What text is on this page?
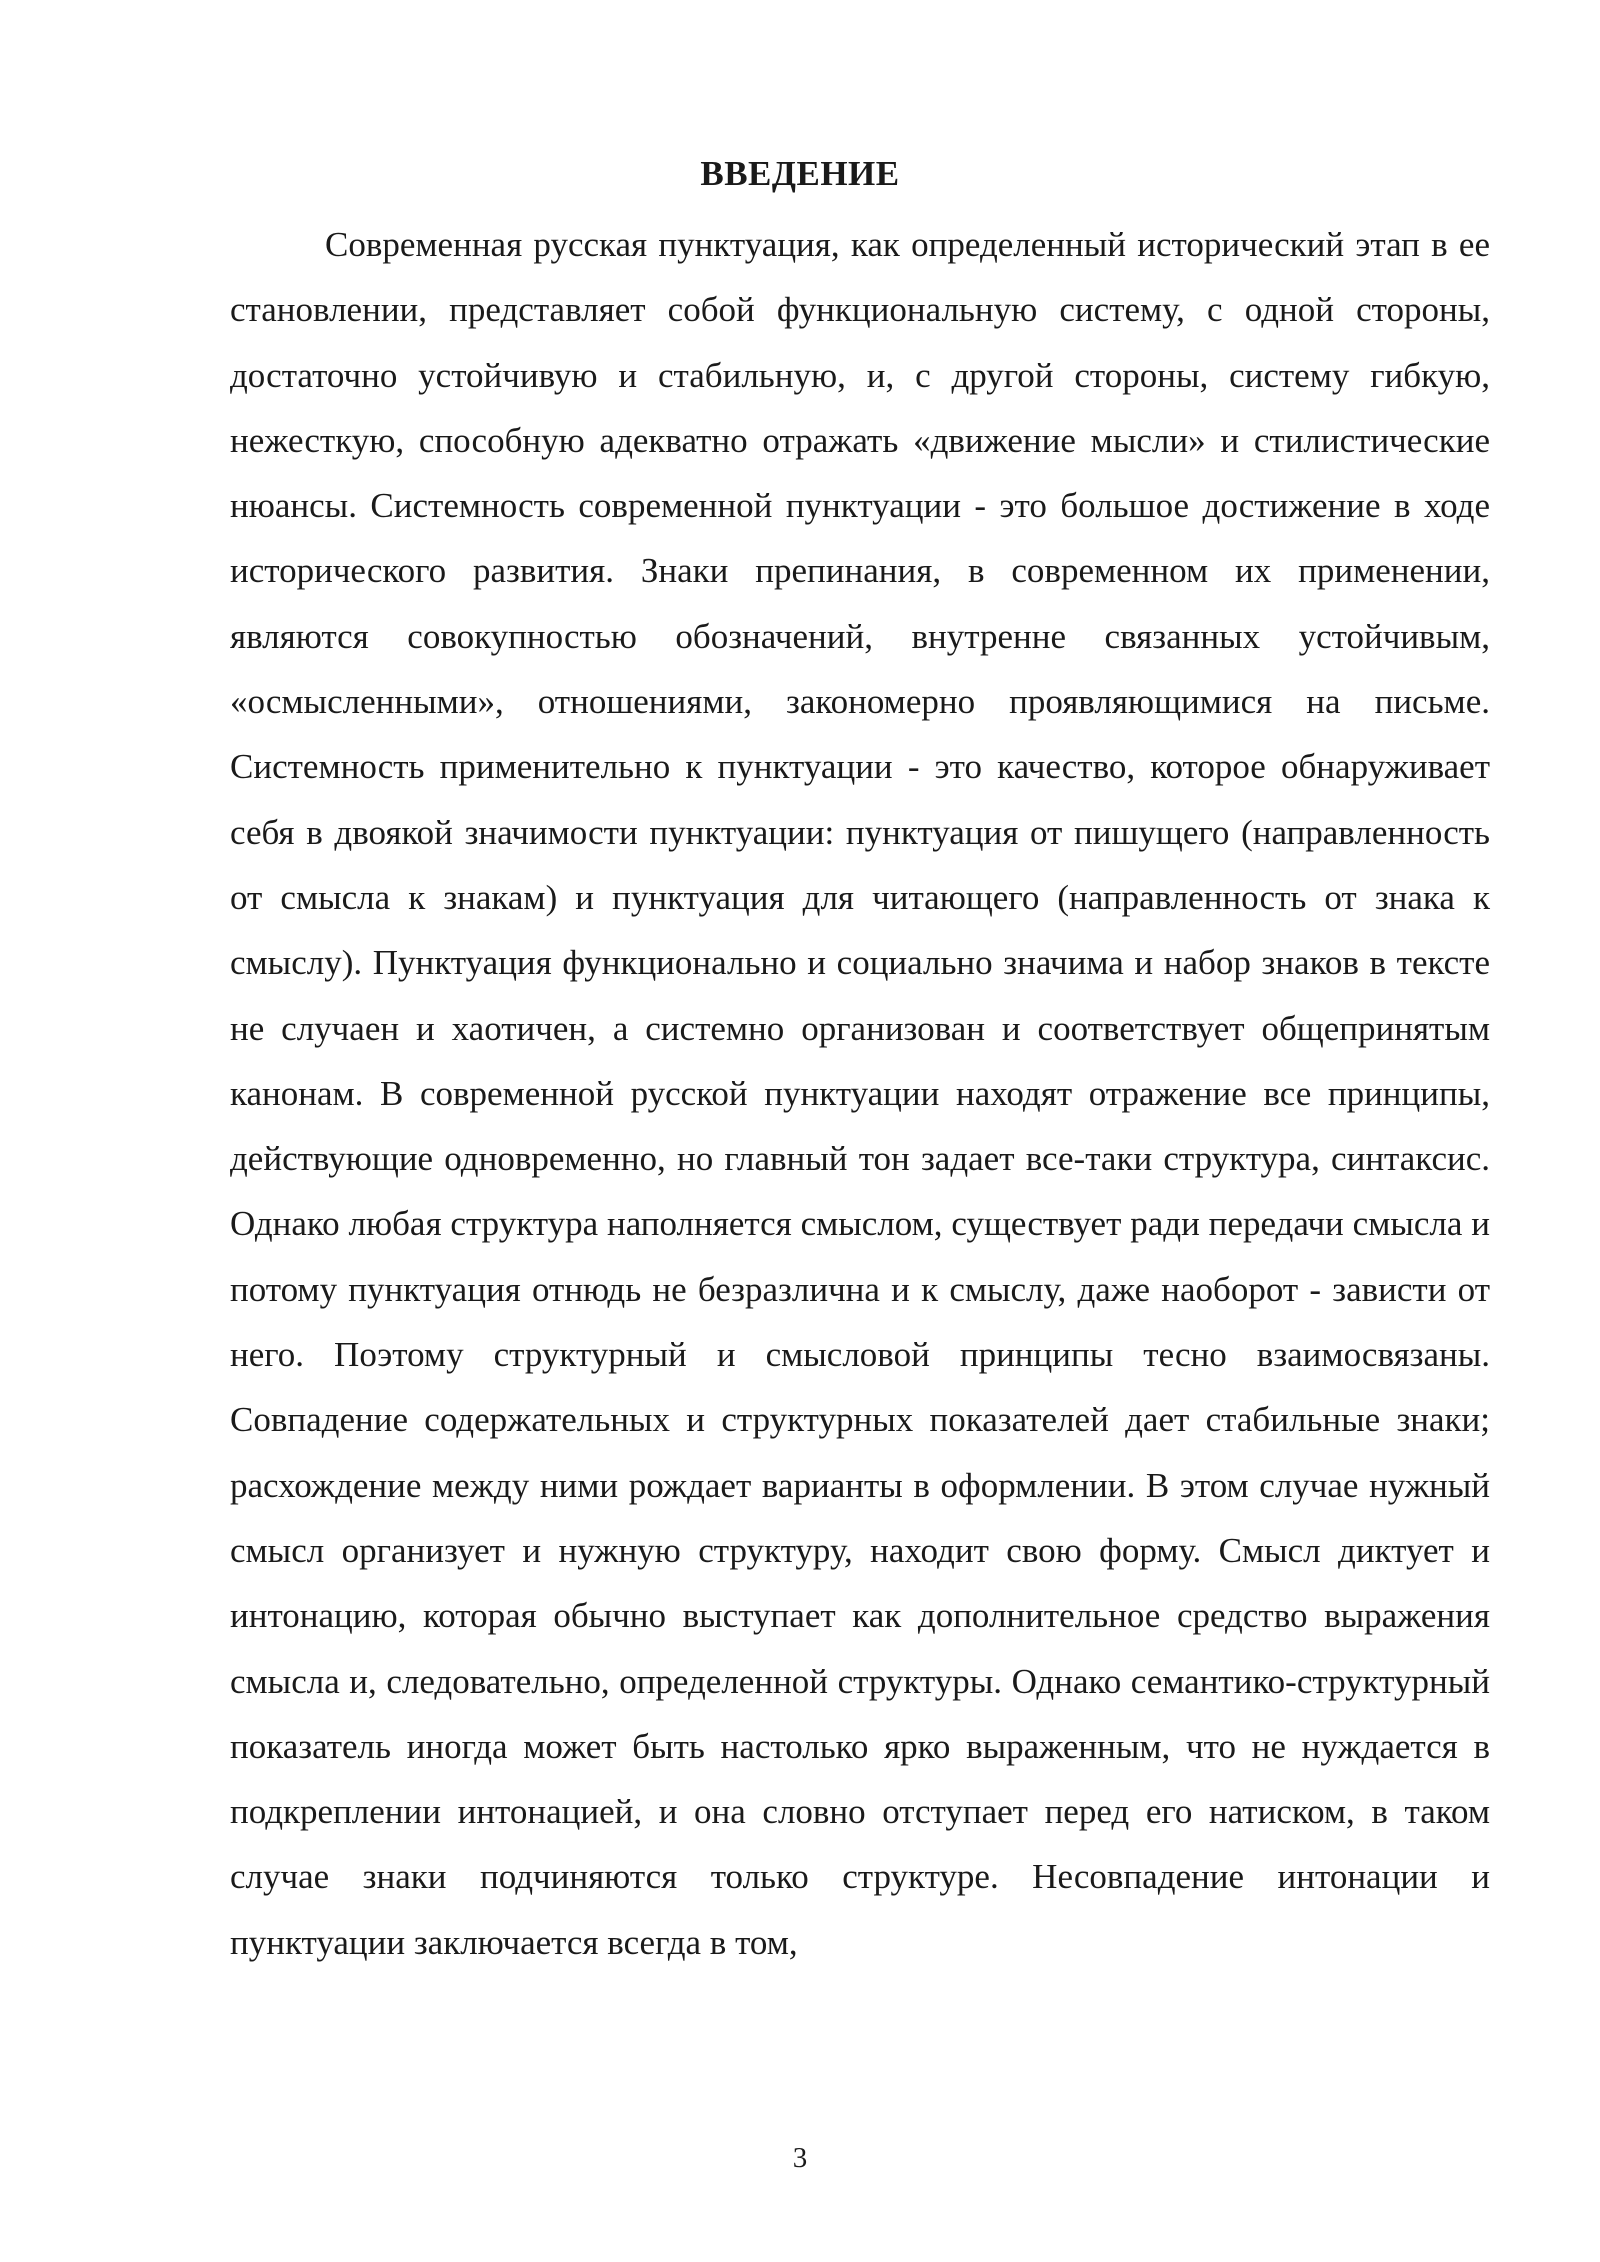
ВВЕДЕНИЕ

Современная русская пунктуация, как определенный исторический этап в ее становлении, представляет собой функциональную систему, с одной стороны, достаточно устойчивую и стабильную, и, с другой стороны, систему гибкую, нежесткую, способную адекватно отражать «движение мысли» и стилистические нюансы. Системность современной пунктуации - это большое достижение в ходе исторического развития. Знаки препинания, в современном их применении, являются совокупностью обозначений, внутренне связанных устойчивым, «осмысленными», отношениями, закономерно проявляющимися на письме. Системность применительно к пунктуации - это качество, которое обнаруживает себя в двоякой значимости пунктуации: пунктуация от пишущего (направленность от смысла к знакам) и пунктуация для читающего (направленность от знака к смыслу). Пунктуация функционально и социально значима и набор знаков в тексте не случаен и хаотичен, а системно организован и соответствует общепринятым канонам. В современной русской пунктуации находят отражение все принципы, действующие одновременно, но главный тон задает все-таки структура, синтаксис. Однако любая структура наполняется смыслом, существует ради передачи смысла и потому пунктуация отнюдь не безразлична и к смыслу, даже наоборот - зависти от него. Поэтому структурный и смысловой принципы тесно взаимосвязаны. Совпадение содержательных и структурных показателей дает стабильные знаки; расхождение между ними рождает варианты в оформлении. В этом случае нужный смысл организует и нужную структуру, находит свою форму. Смысл диктует и интонацию, которая обычно выступает как дополнительное средство выражения смысла и, следовательно, определенной структуры. Однако семантико-структурный показатель иногда может быть настолько ярко выраженным, что не нуждается в подкреплении интонацией, и она словно отступает перед его натиском, в таком случае знаки подчиняются только структуре. Несовпадение интонации и пунктуации заключается всегда в том,

3
